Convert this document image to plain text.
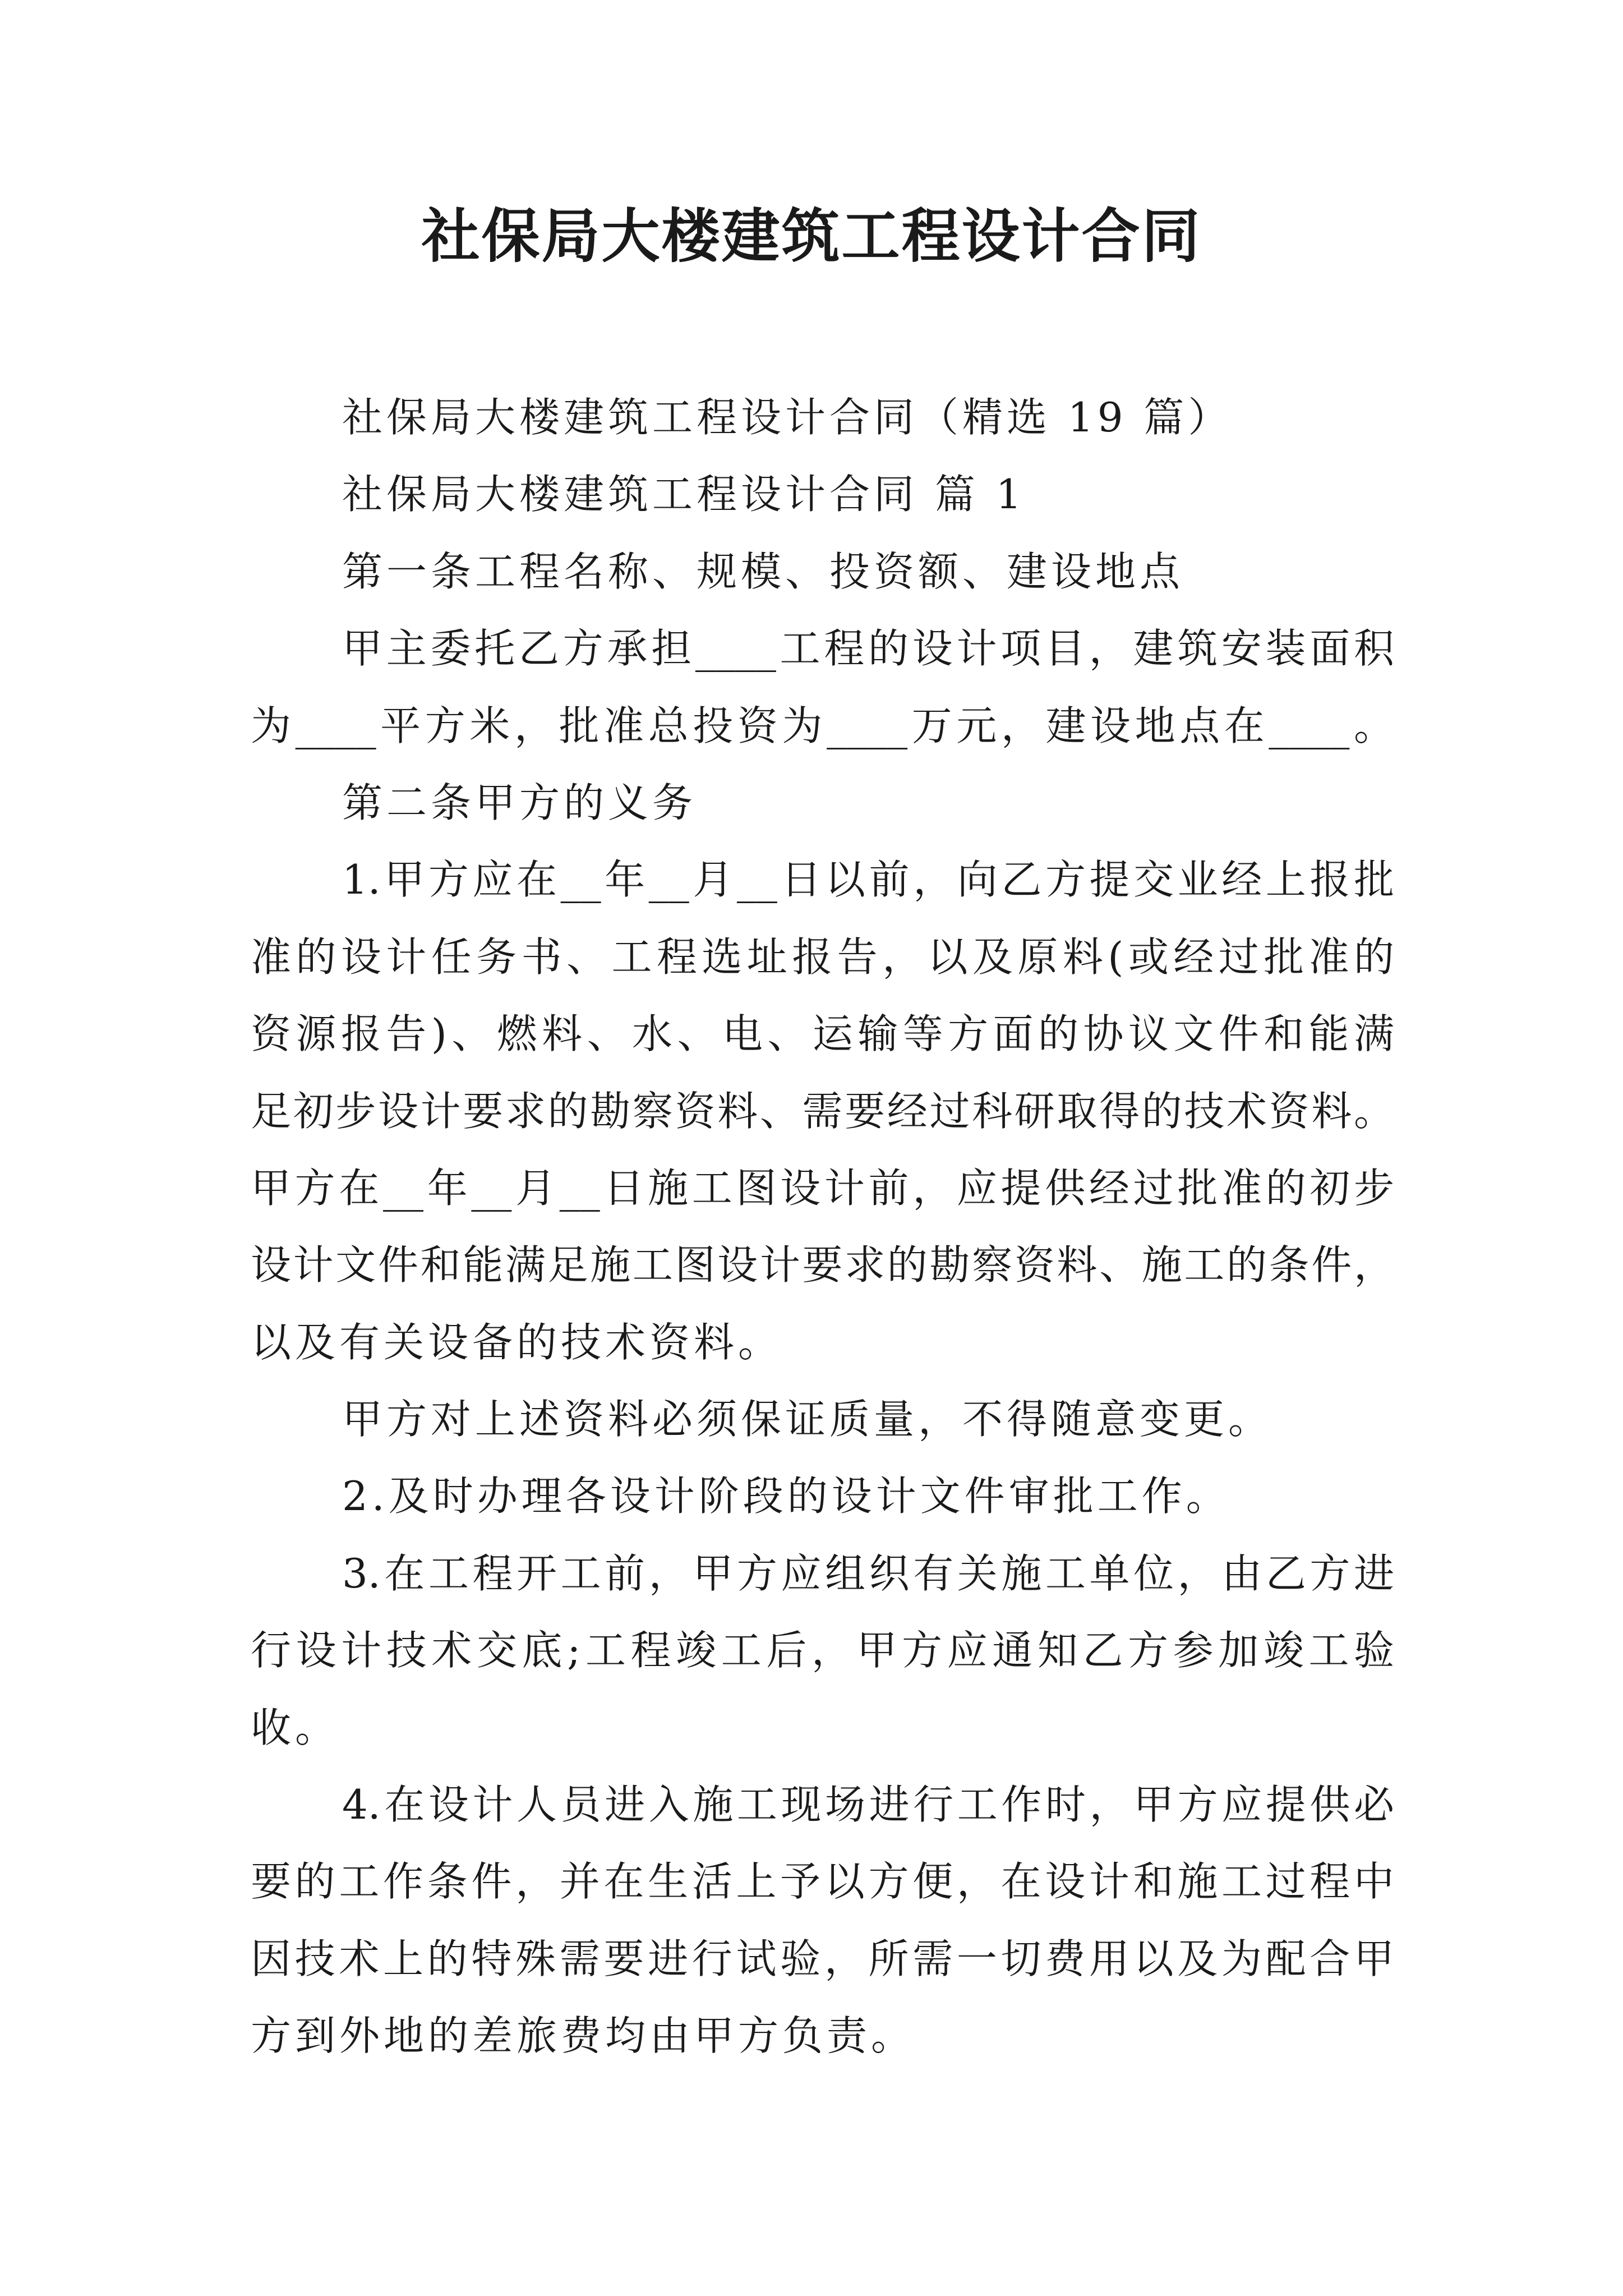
社保局大楼建筑工程设计合同
社保局大楼建筑工程设计合同（精选 19 篇）
社保局大楼建筑工程设计合同 篇 1
第一条工程名称、规模、投资额、建设地点
甲主委托乙方承担____工程的设计项目，建筑安装面积
为____平方米，批准总投资为____万元，建设地点在____。
第二条甲方的义务
1.甲方应在__年__月__日以前，向乙方提交业经上报批
准的设计任务书、工程选址报告，以及原料(或经过批准的
资源报告)、燃料、水、电、运输等方面的协议文件和能满
足初步设计要求的勘察资料、需要经过科研取得的技术资料。
甲方在__年__月__日施工图设计前，应提供经过批准的初步
设计文件和能满足施工图设计要求的勘察资料、施工的条件，
以及有关设备的技术资料。
甲方对上述资料必须保证质量，不得随意变更。
2.及时办理各设计阶段的设计文件审批工作。
3.在工程开工前，甲方应组织有关施工单位，由乙方进
行设计技术交底;工程竣工后，甲方应通知乙方参加竣工验
收。
4.在设计人员进入施工现场进行工作时，甲方应提供必
要的工作条件，并在生活上予以方便，在设计和施工过程中
因技术上的特殊需要进行试验，所需一切费用以及为配合甲
方到外地的差旅费均由甲方负责。
